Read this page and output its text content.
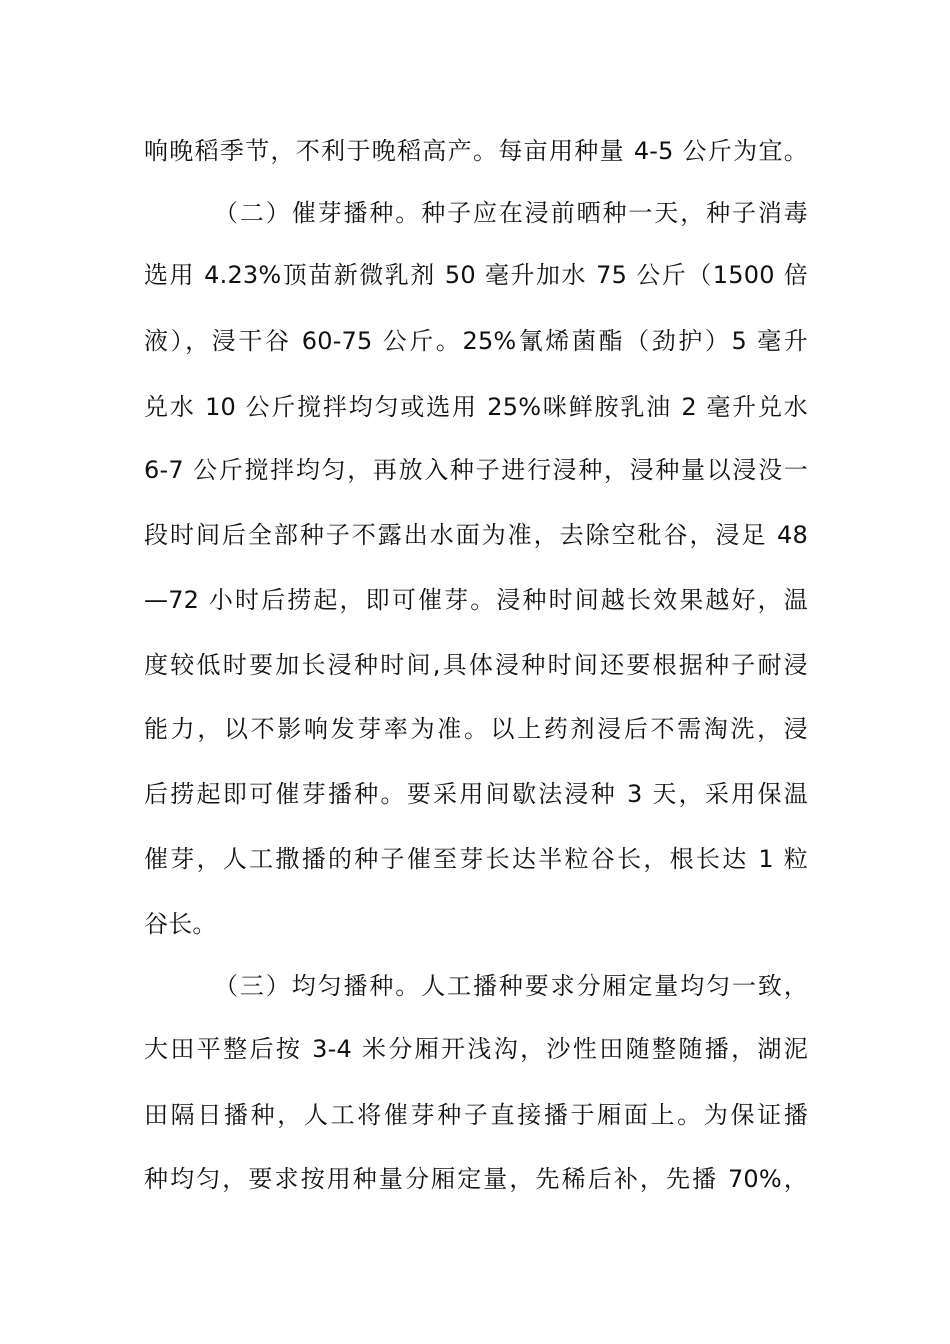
响晚稻季节，不利于晚稻高产。每亩用种量 4-5 公斤为宜。
（二）催芽播种。种子应在浸前晒种一天，种子消毒
选用 4.23%顶苗新微乳剂 50 毫升加水 75 公斤（1500 倍
液），浸干谷 60-75 公斤。25%氰烯菌酯（劲护）5 毫升
兑水 10 公斤搅拌均匀或选用 25%咪鲜胺乳油 2 毫升兑水
6-7 公斤搅拌均匀，再放入种子进行浸种，浸种量以浸没一
段时间后全部种子不露出水面为准，去除空秕谷，浸足 48
—72 小时后捞起，即可催芽。浸种时间越长效果越好，温
度较低时要加长浸种时间,具体浸种时间还要根据种子耐浸
能力，以不影响发芽率为准。以上药剂浸后不需淘洗，浸
后捞起即可催芽播种。要采用间歇法浸种 3 天，采用保温
催芽，人工撒播的种子催至芽长达半粒谷长，根长达 1 粒
谷长。
（三）均匀播种。人工播种要求分厢定量均匀一致，
大田平整后按 3-4 米分厢开浅沟，沙性田随整随播，湖泥
田隔日播种，人工将催芽种子直接播于厢面上。为保证播
种均匀，要求按用种量分厢定量，先稀后补，先播 70%，
